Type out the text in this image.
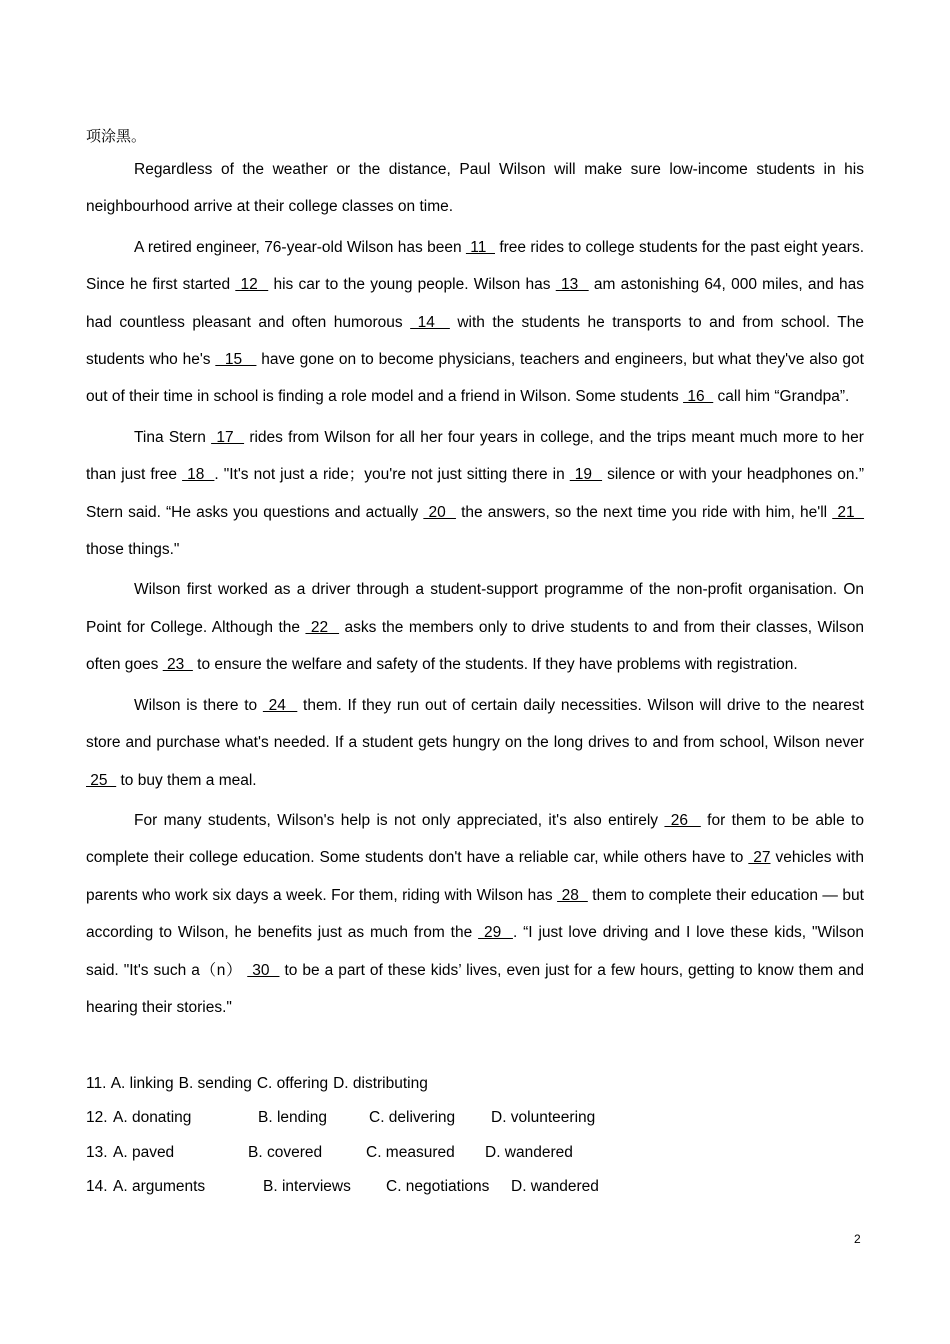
项涂黑。

Regardless of the weather or the distance, Paul Wilson will make sure low-income students in his neighbourhood arrive at their college classes on time.

A retired engineer, 76-year-old Wilson has been  11   free rides to college students for the past eight years. Since he first started  12   his car to the young people. Wilson has  13   am astonishing 64, 000 miles, and has had countless pleasant and often humorous  14   with the students he transports to and from school. The students who he's   15    have gone on to become physicians, teachers and engineers, but what they've also got out of their time in school is finding a role model and a friend in Wilson. Some students  16   call him “Grandpa”.

Tina Stern  17   rides from Wilson for all her four years in college, and the trips meant much more to her than just free  18  . "It's not just a ride；you're not just sitting there in  19   silence or with your headphones on.” Stern said. “He asks you questions and actually  20   the answers, so the next time you ride with him, he'll  21   those things."

Wilson first worked as a driver through a student-support programme of the non-profit organisation. On Point for College. Although the  22   asks the members only to drive students to and from their classes, Wilson often goes  23   to ensure the welfare and safety of the students. If they have problems with registration.

Wilson is there to  24   them. If they run out of certain daily necessities. Wilson will drive to the nearest store and purchase what's needed. If a student gets hungry on the long drives to and from school, Wilson never  25   to buy them a meal.

For many students, Wilson's help is not only appreciated, it's also entirely  26   for them to be able to complete their college education. Some students don't have a reliable car, while others have to  27 vehicles with parents who work six days a week. For them, riding with Wilson has  28   them to complete their education — but according to Wilson, he benefits just as much from the  29  . “I just love driving and I love these kids, "Wilson said. "It's such a（n）  30   to be a part of these kids’ lives, even just for a few hours, getting to know them and hearing their stories."

11. A. linking B. sending C. offering D. distributing
12. A. donating	B. lending	C. delivering D. volunteering
13. A. paved	B. covered	C. measured D. wandered
14. A. arguments	B. interviews C. negotiations D. wandered
2
